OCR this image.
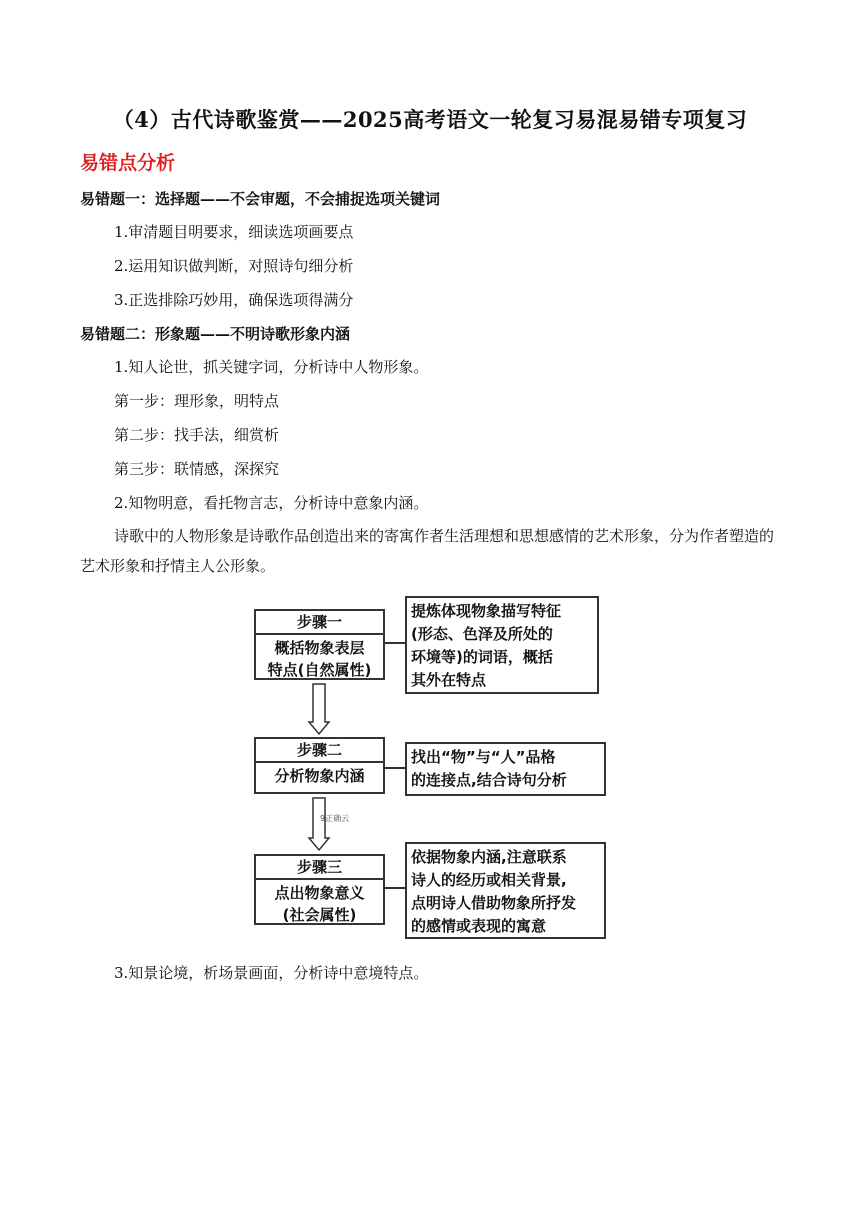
（4）古代诗歌鉴赏——2025高考语文一轮复习易混易错专项复习
易错点分析
易错题一：选择题——不会审题，不会捕捉选项关键词
1.审清题目明要求，细读选项画要点
2.运用知识做判断，对照诗句细分析
3.正选排除巧妙用，确保选项得满分
易错题二：形象题——不明诗歌形象内涵
1.知人论世，抓关键字词，分析诗中人物形象。
第一步：理形象，明特点
第二步：找手法，细赏析
第三步：联情感，深探究
2.知物明意，看托物言志，分析诗中意象内涵。
诗歌中的人物形象是诗歌作品创造出来的寄寓作者生活理想和思想感情的艺术形象，分为作者塑造的艺术形象和抒情主人公形象。
步骤一
概括物象表层
特点(自然属性)
提炼体现物象描写特征
(形态、色泽及所处的
环境等)的词语，概括
其外在特点
步骤二
分析物象内涵
找出“物”与“人”品格
的连接点,结合诗句分析
步骤三
点出物象意义
(社会属性)
依据物象内涵,注意联系
诗人的经历或相关背景,
点明诗人借助物象所抒发
的感情或表现的寓意
9正确云
3.知景论境，析场景画面，分析诗中意境特点。
